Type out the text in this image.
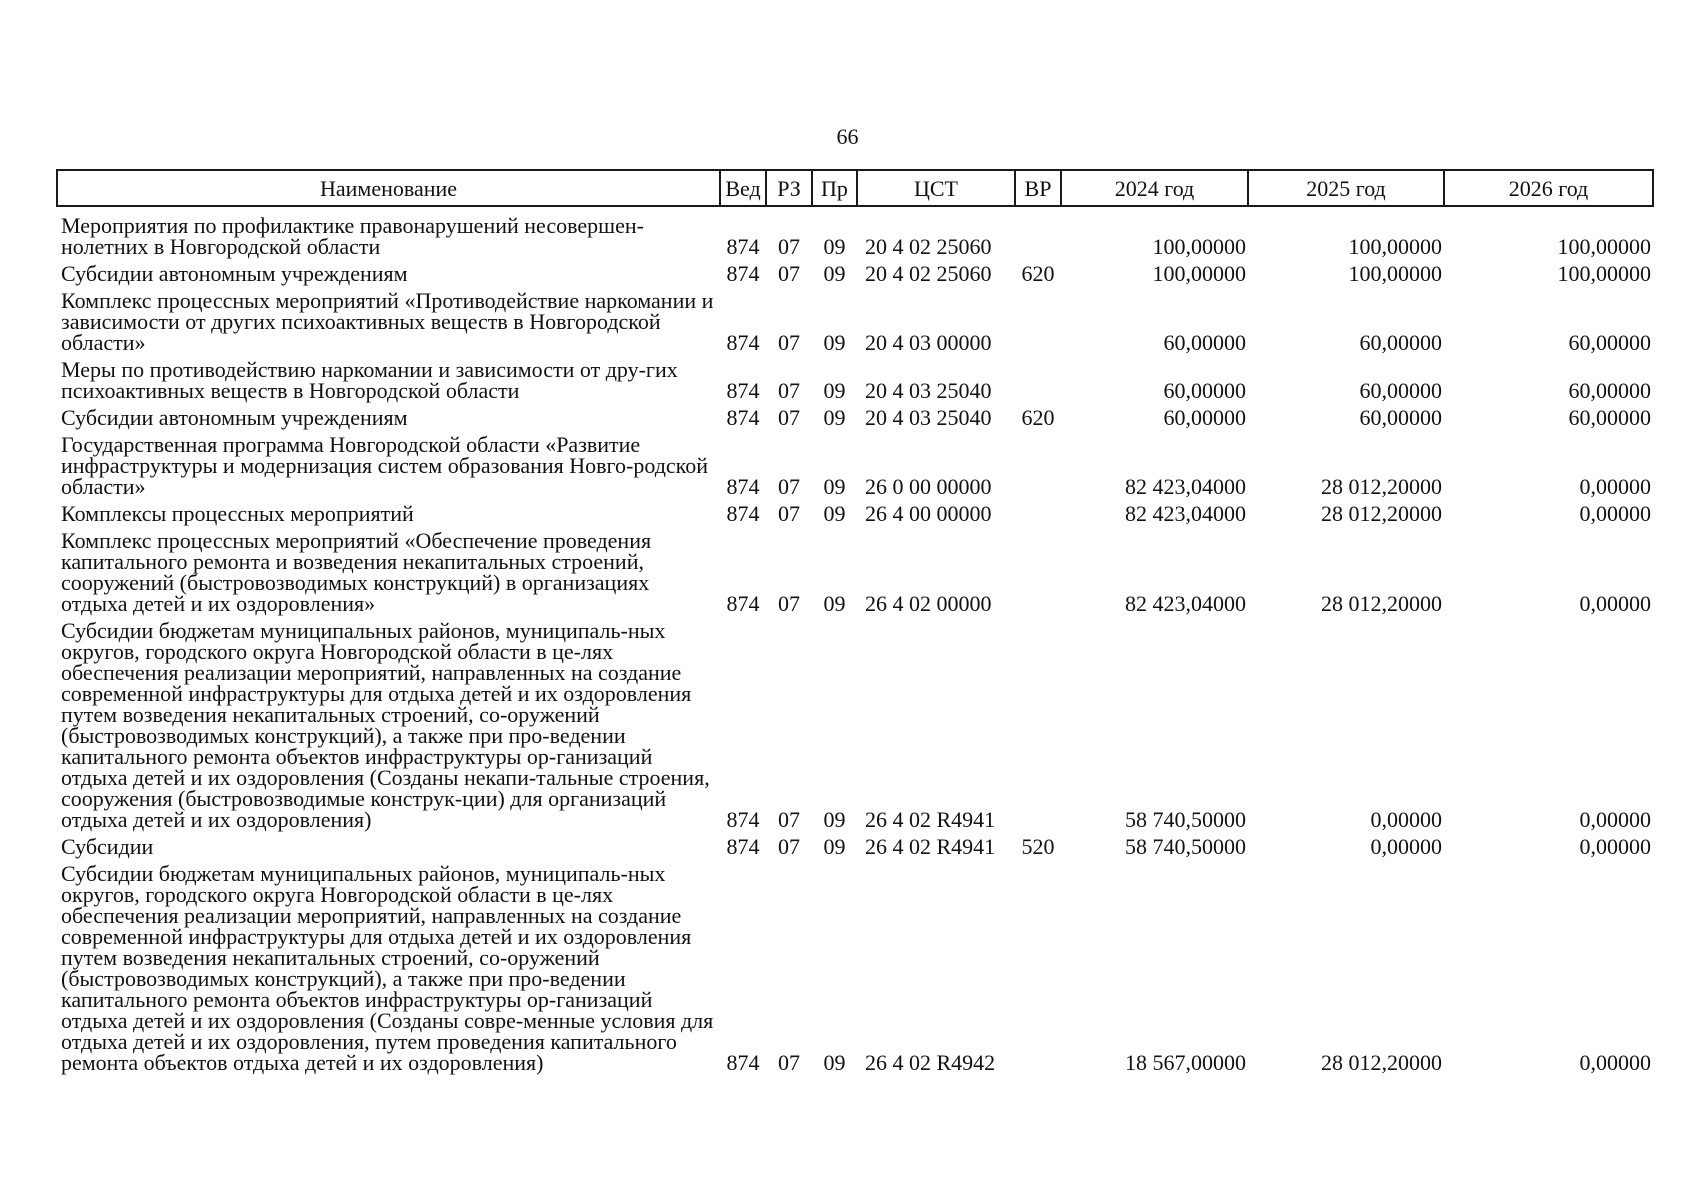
66
Наименование	Вед	РЗ	Пр	ЦСТ	ВР	2024 год	2025 год	2026 год
Мероприятия по профилактике правонарушений несовершен-нолетних в Новгородской области	874	07	09	20 4 02 25060		100,00000	100,00000	100,00000
Субсидии автономным учреждениям	874	07	09	20 4 02 25060	620	100,00000	100,00000	100,00000
Комплекс процессных мероприятий «Противодействие наркомании и зависимости от других психоактивных веществ в Новгородской области»	874	07	09	20 4 03 00000		60,00000	60,00000	60,00000
Меры по противодействию наркомании и зависимости от дру-гих психоактивных веществ в Новгородской области	874	07	09	20 4 03 25040		60,00000	60,00000	60,00000
Субсидии автономным учреждениям	874	07	09	20 4 03 25040	620	60,00000	60,00000	60,00000
Государственная программа Новгородской области «Развитие инфраструктуры и модернизация систем образования Новго-родской области»	874	07	09	26 0 00 00000		82 423,04000	28 012,20000	0,00000
Комплексы процессных мероприятий	874	07	09	26 4 00 00000		82 423,04000	28 012,20000	0,00000
Комплекс процессных мероприятий «Обеспечение проведения капитального ремонта и возведения некапитальных строений, сооружений (быстровозводимых конструкций) в организациях отдыха детей и их оздоровления»	874	07	09	26 4 02 00000		82 423,04000	28 012,20000	0,00000
Субсидии бюджетам муниципальных районов, муниципаль-ных округов, городского округа Новгородской области в це-лях обеспечения реализации мероприятий, направленных на создание современной инфраструктуры для отдыха детей и их оздоровления путем возведения некапитальных строений, со-оружений (быстровозводимых конструкций), а также при про-ведении капитального ремонта объектов инфраструктуры ор-ганизаций отдыха детей и их оздоровления (Созданы некапи-тальные строения, сооружения (быстровозводимые конструк-ции) для организаций отдыха детей и их оздоровления)	874	07	09	26 4 02 R4941		58 740,50000	0,00000	0,00000
Субсидии	874	07	09	26 4 02 R4941	520	58 740,50000	0,00000	0,00000
Субсидии бюджетам муниципальных районов, муниципаль-ных округов, городского округа Новгородской области в це-лях обеспечения реализации мероприятий, направленных на создание современной инфраструктуры для отдыха детей и их оздоровления путем возведения некапитальных строений, со-оружений (быстровозводимых конструкций), а также при про-ведении капитального ремонта объектов инфраструктуры ор-ганизаций отдыха детей и их оздоровления (Созданы совре-менные условия для отдыха детей и их оздоровления, путем проведения капитального ремонта объектов отдыха детей и их оздоровления)	874	07	09	26 4 02 R4942		18 567,00000	28 012,20000	0,00000
